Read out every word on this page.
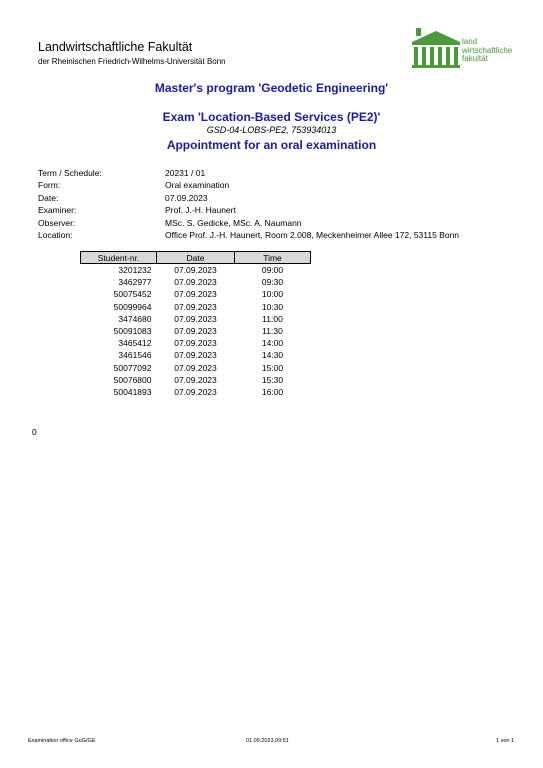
Landwirtschaftliche Fakultät
der Rheinischen Friedrich-Wilhelms-Universität Bonn
land
wirtschaftliche
fakultät
Master's program 'Geodetic Engineering'
Exam 'Location-Based Services (PE2)'
GSD-04-LOBS-PE2, 753934013
Appointment for an oral examination
Term / Schedule:	20231 / 01
Form:	Oral examination
Date:	07.09.2023
Examiner:	Prof. J.-H. Haunert
Observer:	MSc. S. Gedicke, MSc. A. Naumann
Location:	Office Prof. J.-H. Haunert, Room 2.008, Meckenheimer Allee 172, 53115 Bonn
Student-nr.	Date	Time
3201232	07.09.2023	09:00
3462977	07.09.2023	09:30
50075452	07.09.2023	10:00
50099964	07.09.2023	10:30
3474680	07.09.2023	11:00
50091083	07.09.2023	11:30
3465412	07.09.2023	14:00
3461546	07.09.2023	14:30
50077092	07.09.2023	15:00
50076800	07.09.2023	15:30
50041893	07.09.2023	16:00
0
Examination office GuG/GE	01.09.2023,09:51	1 von 1
